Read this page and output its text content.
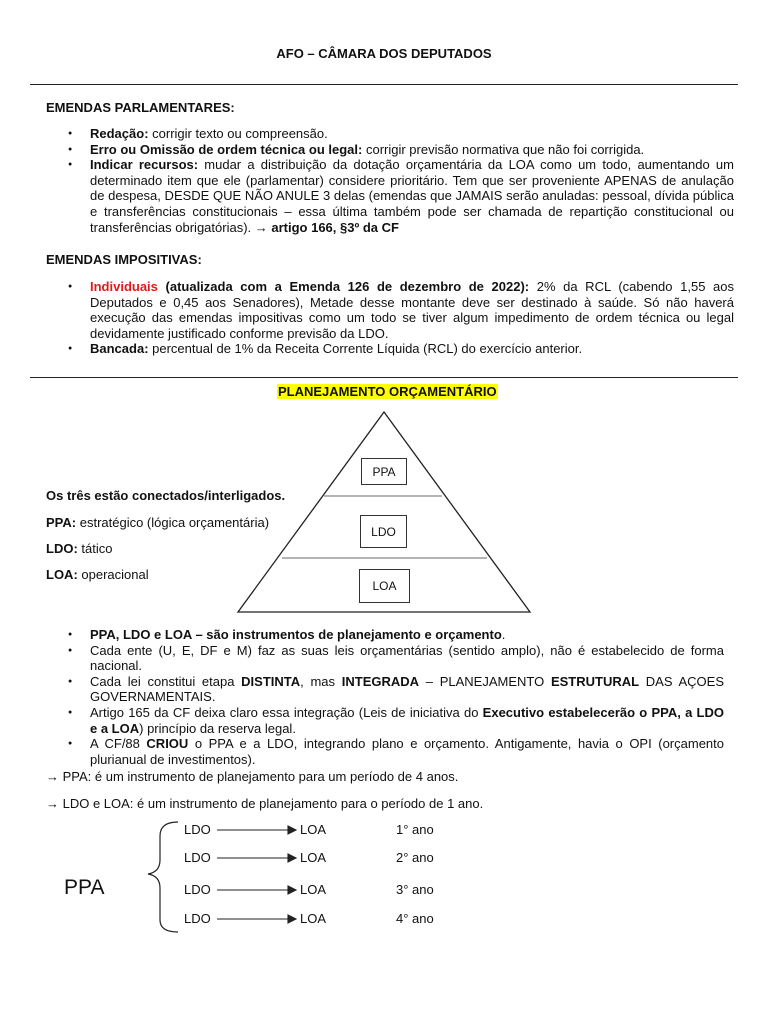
AFO – CÂMARA DOS DEPUTADOS
EMENDAS PARLAMENTARES:
● Redação: corrigir texto ou compreensão.
● Erro ou Omissão de ordem técnica ou legal: corrigir previsão normativa que não foi corrigida.
● Indicar recursos: mudar a distribuição da dotação orçamentária da LOA como um todo, aumentando um determinado item que ele (parlamentar) considere prioritário. Tem que ser proveniente APENAS de anulação de despesa, DESDE QUE NÃO ANULE 3 delas (emendas que JAMAIS serão anuladas: pessoal, dívida pública e transferências constitucionais – essa última também pode ser chamada de repartição constitucional ou transferências obrigatórias). → artigo 166, §3º da CF
EMENDAS IMPOSITIVAS:
● Individuais (atualizada com a Emenda 126 de dezembro de 2022): 2% da RCL (cabendo 1,55 aos Deputados e 0,45 aos Senadores), Metade desse montante deve ser destinado à saúde. Só não haverá execução das emendas impositivas como um todo se tiver algum impedimento de ordem técnica ou legal devidamente justificado conforme previsão da LDO.
● Bancada: percentual de 1% da Receita Corrente Líquida (RCL) do exercício anterior.
PLANEJAMENTO ORÇAMENTÁRIO
PPA
LDO
LOA
Os três estão conectados/interligados.
PPA: estratégico (lógica orçamentária)
LDO: tático
LOA: operacional
● PPA, LDO e LOA – são instrumentos de planejamento e orçamento.
● Cada ente (U, E, DF e M) faz as suas leis orçamentárias (sentido amplo), não é estabelecido de forma nacional.
● Cada lei constitui etapa DISTINTA, mas INTEGRADA – PLANEJAMENTO ESTRUTURAL DAS AÇOES GOVERNAMENTAIS.
● Artigo 165 da CF deixa claro essa integração (Leis de iniciativa do Executivo estabelecerão o PPA, a LDO e a LOA) princípio da reserva legal.
● A CF/88 CRIOU o PPA e a LDO, integrando plano e orçamento. Antigamente, havia o OPI (orçamento plurianual de investimentos).
→ PPA: é um instrumento de planejamento para um período de 4 anos.
→ LDO e LOA: é um instrumento de planejamento para o período de 1 ano.
PPA
LDO	LOA	1° ano
LDO	LOA	2° ano
LDO	LOA	3° ano
LDO	LOA	4° ano
